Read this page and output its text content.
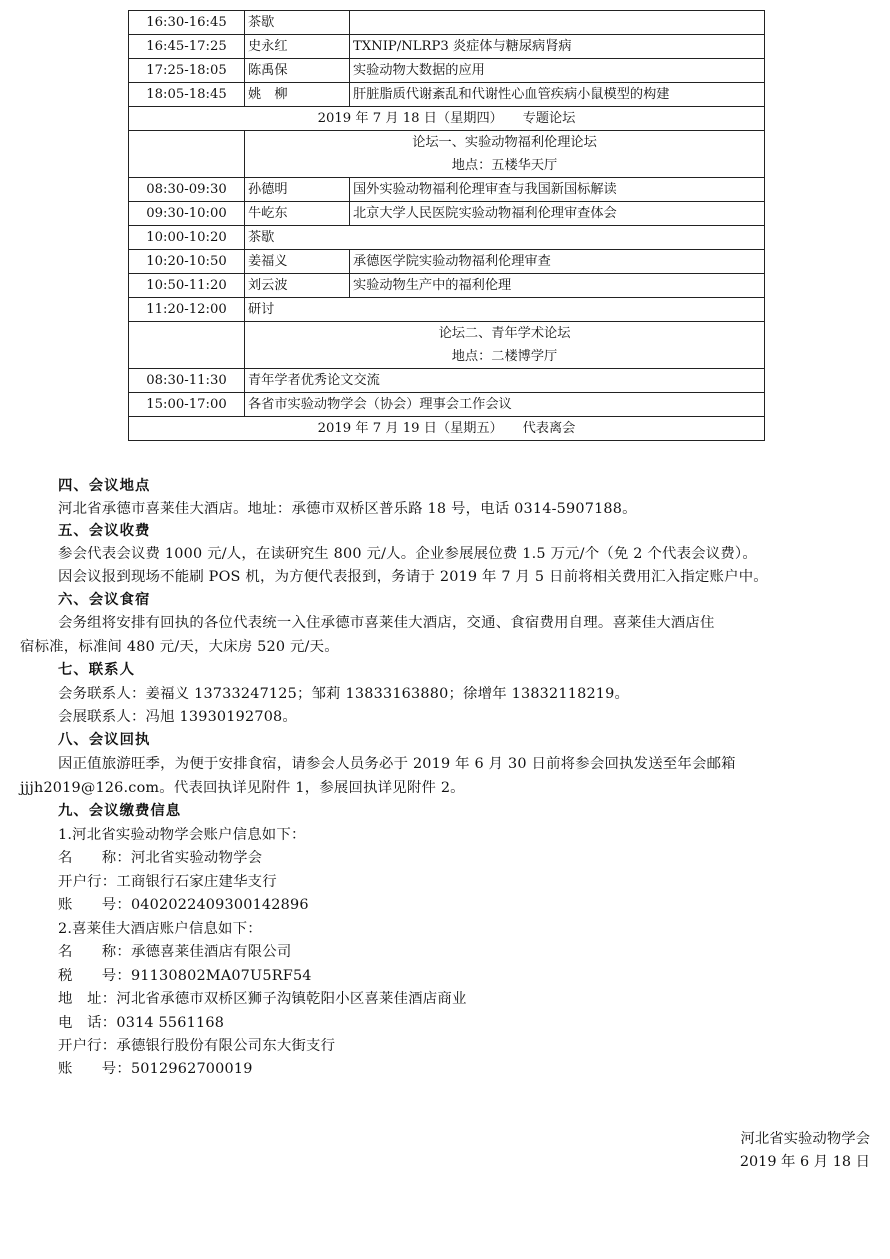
16:30-16:45	茶歇	
16:45-17:25	史永红	TXNIP/NLRP3 炎症体与糖尿病肾病
17:25-18:05	陈禹保	实验动物大数据的应用
18:05-18:45	姚　柳	肝脏脂质代谢紊乱和代谢性心血管疾病小鼠模型的构建
2019 年 7 月 18 日（星期四）　　专题论坛		

	论坛一、实验动物福利伦理论坛
地点：五楼华天厅	

08:30-09:30	孙德明	国外实验动物福利伦理审查与我国新国标解读
09:30-10:00	牛屹东	北京大学人民医院实验动物福利伦理审查体会
10:00-10:20	茶歇	
10:20-10:50	姜福义	承德医学院实验动物福利伦理审查
10:50-11:20	刘云波	实验动物生产中的福利伦理
11:20-12:00	研讨	

	论坛二、青年学术论坛
地点：二楼博学厅	

08:30-11:30	青年学者优秀论文交流	
15:00-17:00	各省市实验动物学会（协会）理事会工作会议	
2019 年 7 月 19 日（星期五）　　代表离会		
四、会议地点
河北省承德市喜莱佳大酒店。地址：承德市双桥区普乐路 18 号，电话 0314-5907188。
五、会议收费
参会代表会议费 1000 元/人，在读研究生 800 元/人。企业参展展位费 1.5 万元/个（免 2 个代表会议费）。
因会议报到现场不能刷 POS 机，为方便代表报到，务请于 2019 年 7 月 5 日前将相关费用汇入指定账户中。
六、会议食宿
会务组将安排有回执的各位代表统一入住承德市喜莱佳大酒店，交通、食宿费用自理。喜莱佳大酒店住
宿标准，标准间 480 元/天，大床房 520 元/天。
七、联系人
会务联系人：姜福义 13733247125；邹莉 13833163880；徐增年 13832118219。
会展联系人：冯旭 13930192708。
八、会议回执
因正值旅游旺季，为便于安排食宿，请参会人员务必于 2019 年 6 月 30 日前将参会回执发送至年会邮箱
jjjh2019@126.com。代表回执详见附件 1，参展回执详见附件 2。
九、会议缴费信息
1.河北省实验动物学会账户信息如下：
名　　称：河北省实验动物学会
开户行：工商银行石家庄建华支行
账　　号：0402022409300142896
2.喜莱佳大酒店账户信息如下：
名　　称：承德喜莱佳酒店有限公司
税　　号：91130802MA07U5RF54
地　址：河北省承德市双桥区狮子沟镇乾阳小区喜莱佳酒店商业
电　话：0314 5561168
开户行：承德银行股份有限公司东大街支行
账　　号：5012962700019
河北省实验动物学会
2019 年 6 月 18 日
